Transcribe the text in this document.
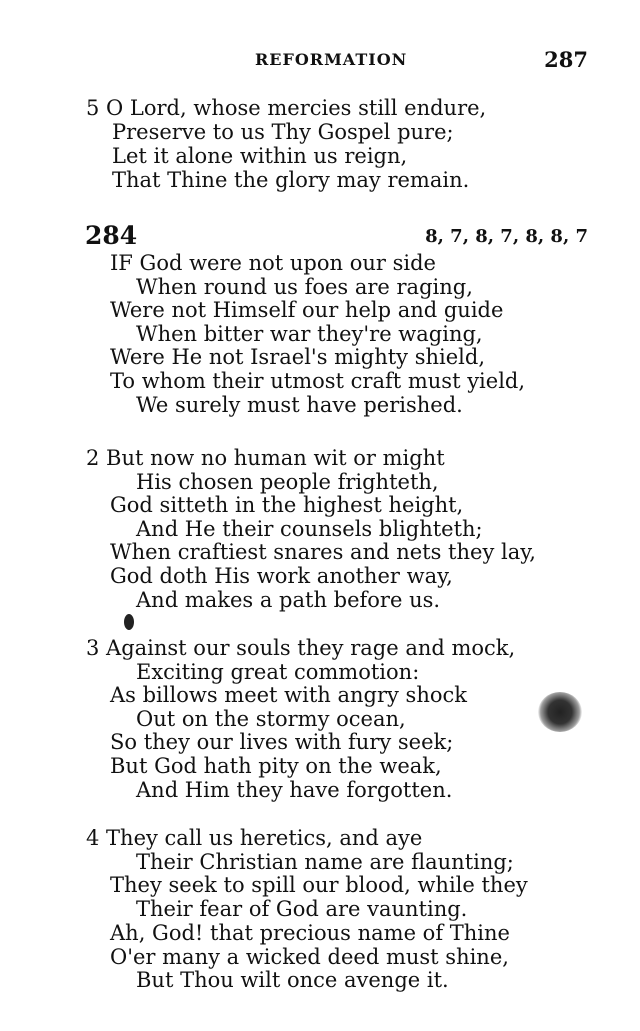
REFORMATION	287
5 O Lord, whose mercies still endure,
Preserve to us Thy Gospel pure;
Let it alone within us reign,
That Thine the glory may remain.
284	8, 7, 8, 7, 8, 8, 7
IF God were not upon our side
When round us foes are raging,
Were not Himself our help and guide
When bitter war they're waging,
Were He not Israel's mighty shield,
To whom their utmost craft must yield,
We surely must have perished.
2 But now no human wit or might
His chosen people frighteth,
God sitteth in the highest height,
And He their counsels blighteth;
When craftiest snares and nets they lay,
God doth His work another way,
And makes a path before us.
3 Against our souls they rage and mock,
Exciting great commotion:
As billows meet with angry shock
Out on the stormy ocean,
So they our lives with fury seek;
But God hath pity on the weak,
And Him they have forgotten.
4 They call us heretics, and aye
Their Christian name are flaunting;
They seek to spill our blood, while they
Their fear of God are vaunting.
Ah, God! that precious name of Thine
O'er many a wicked deed must shine,
But Thou wilt once avenge it.
